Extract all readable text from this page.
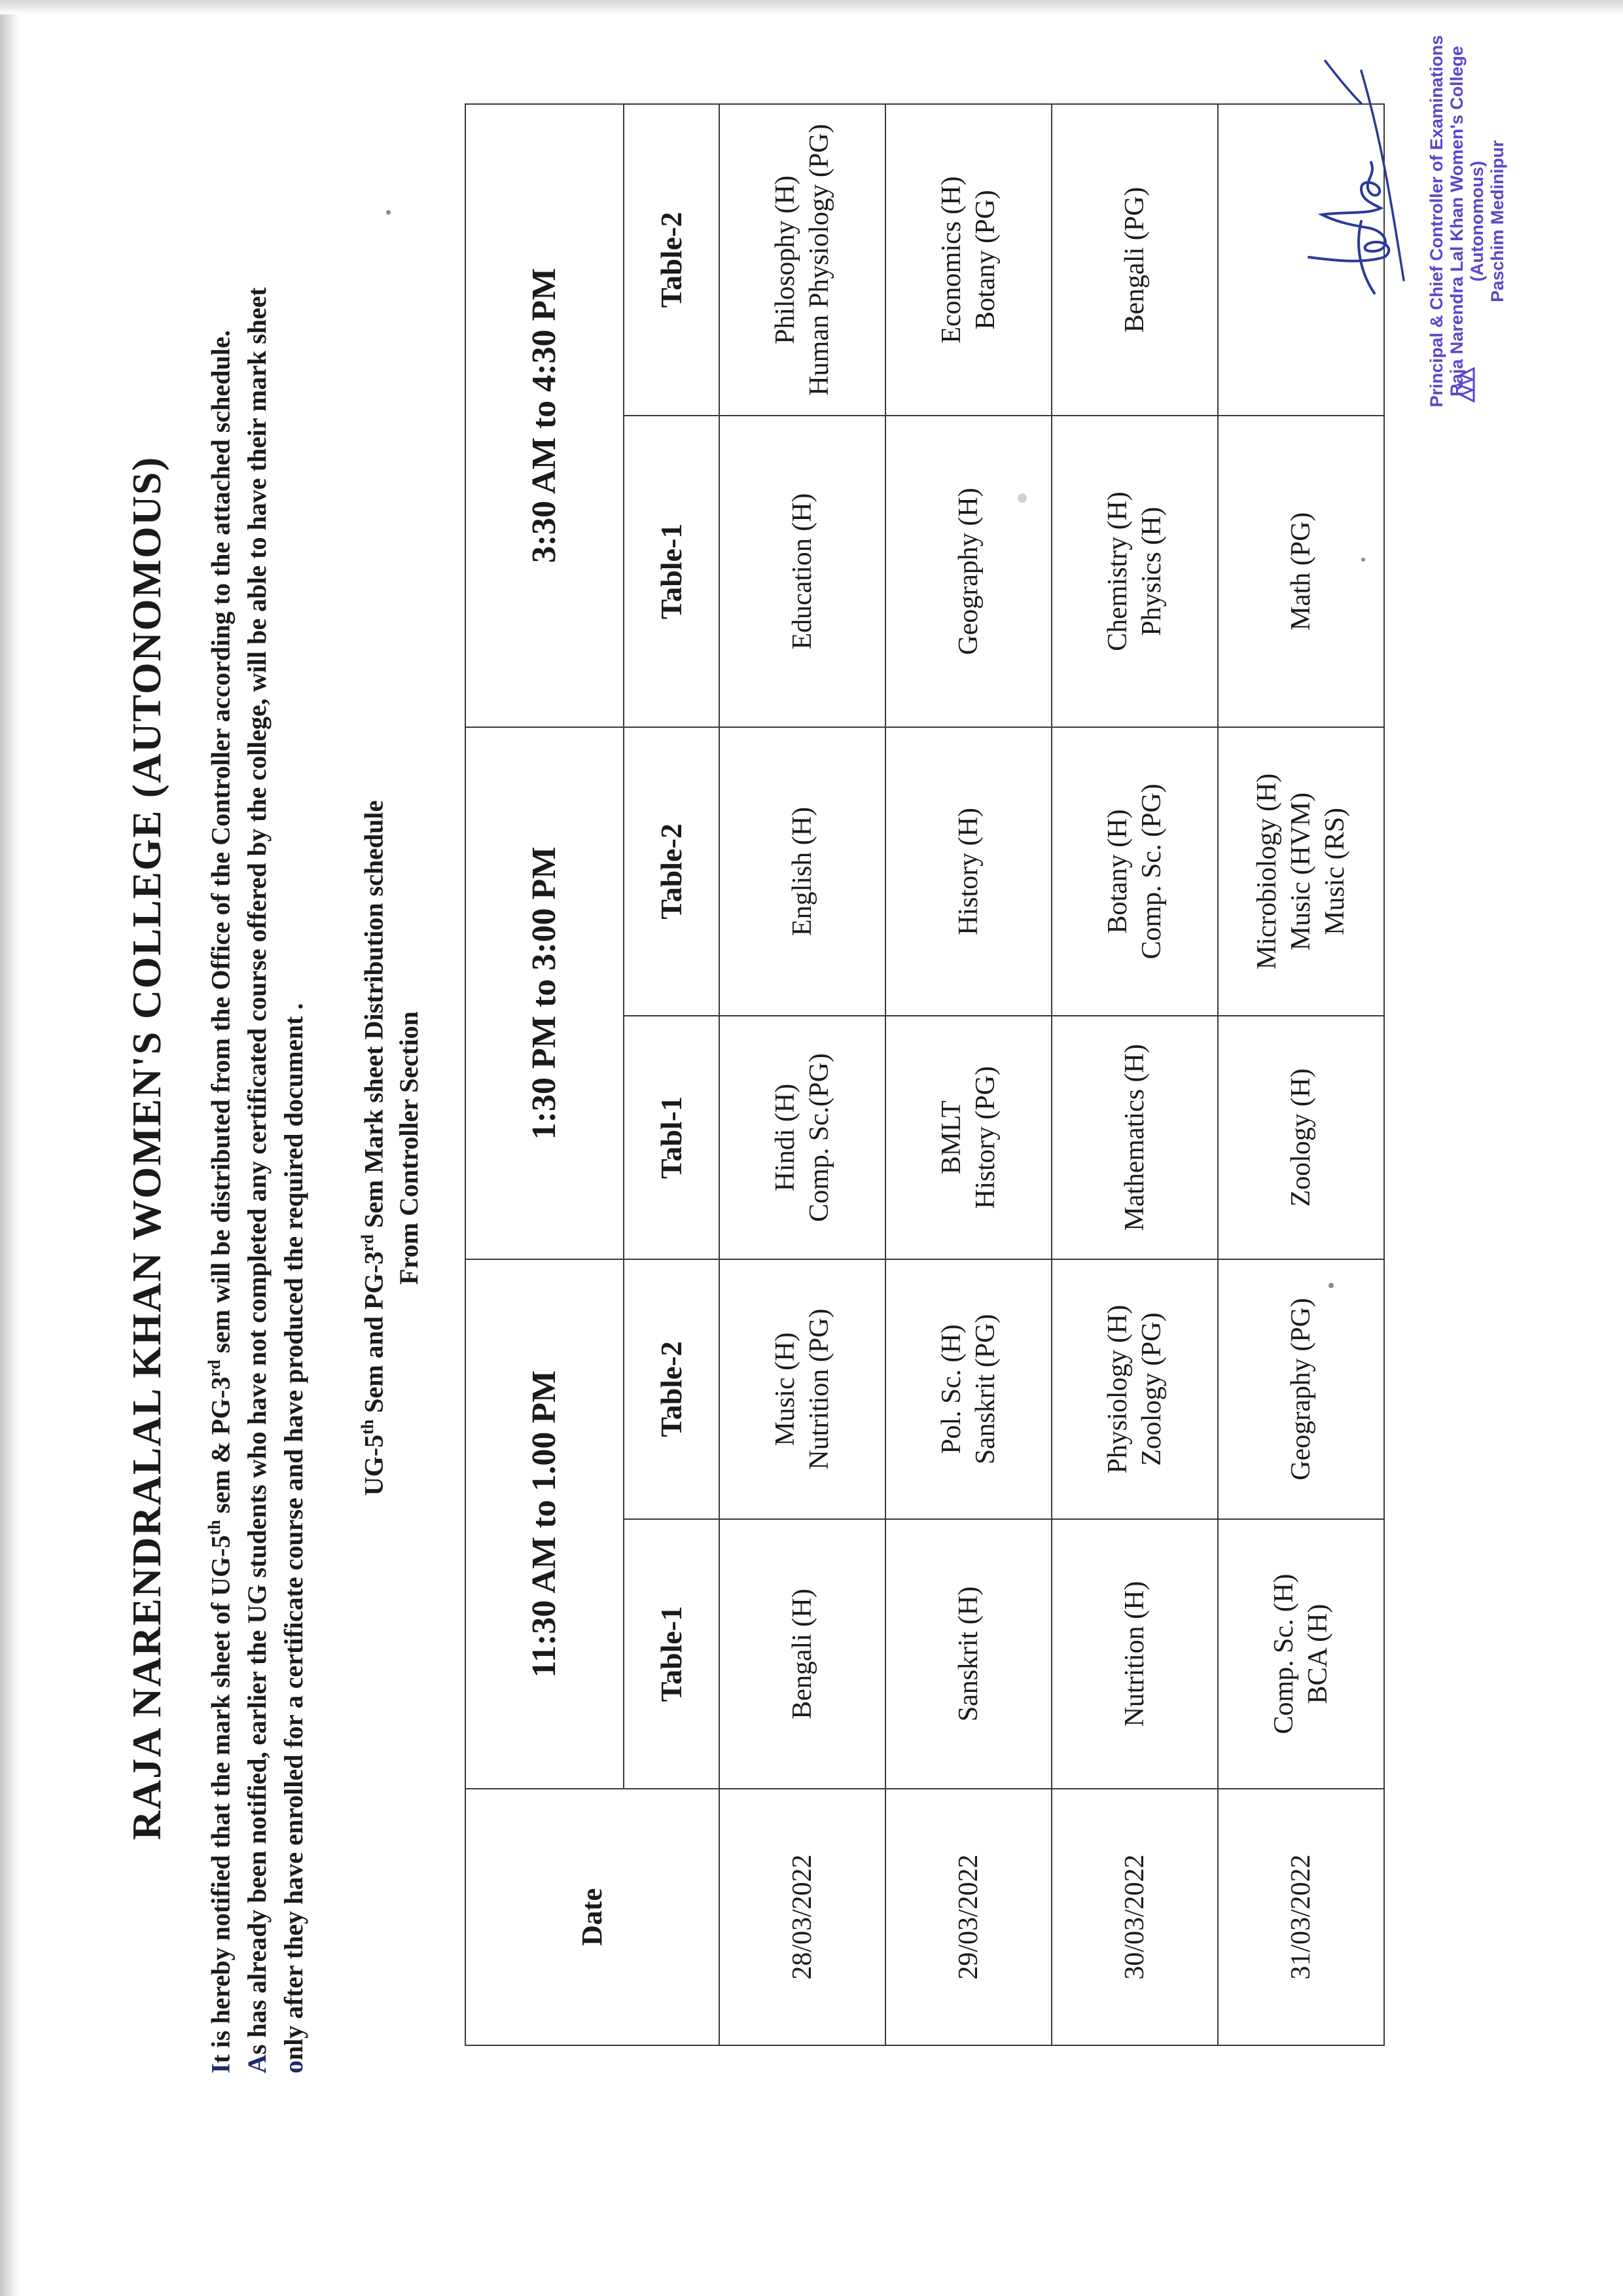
RAJA NARENDRALAL KHAN WOMEN'S COLLEGE (AUTONOMOUS)

It is hereby notified that the mark sheet of UG-5th sem & PG-3rd sem will be distributed from the Office of the Controller according to the attached schedule.

As has already been notified, earlier the UG students who have not completed any certificated course offered by the college, will be able to have their mark sheet

only after they have enrolled for a certificate course and have produced the required document .	UG-5th Sem and PG-3rd Sem Mark sheet Distribution schedule From Controller Section
Date	11:30 AM to 1.00 PM		1:30 PM to 3:00 PM		3:30 AM to 4:30 PM	
	Table-1	Table-2	Tabl-1	Table-2	Table-1	Table-2
28/03/2022	Bengali (H)	Music (H) Nutrition (PG)	Hindi (H) Comp. Sc.(PG)	English (H)	Education (H)	Philosophy (H) Human Physiology (PG)

29/03/2022	Sanskrit (H)	Pol. Sc. (H) Sanskrit (PG)	BMLT History (PG)	History (H)	Geography (H)	Economics (H) Botany (PG)

30/03/2022	Nutrition (H)	Physiology (H) Zoology (PG)	Mathematics (H)	Botany (H) Comp. Sc. (PG)	Chemistry (H) Physics (H)	Bengali (PG)

31/03/2022	Comp. Sc. (H) BCA (H)	Geography (PG)	Zoology (H)	Microbiology (H) Music (HVM) Music (RS)	Math (PG)	

Principal & Chief Controller of Examinations Raja Narendra Lal Khan Women's College (Autonomous) Paschim Medinipur
